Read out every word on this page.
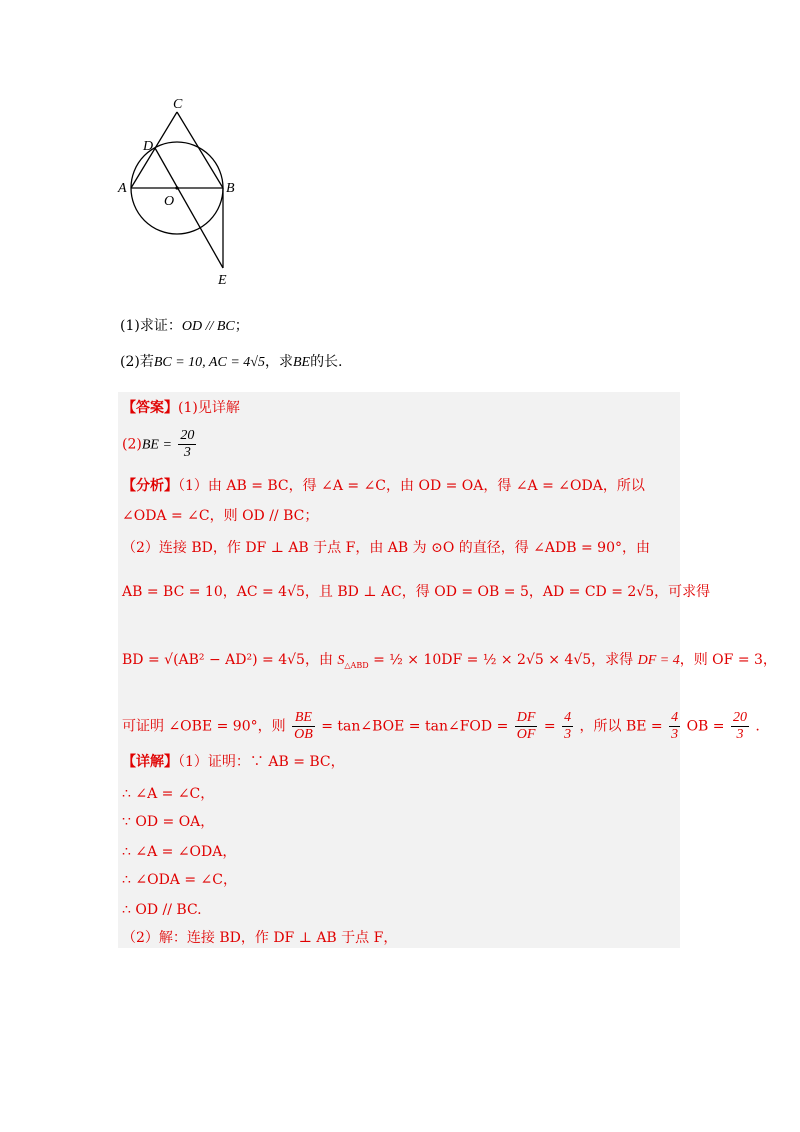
C
D
A	B
O
E
(1)求证：OD // BC；
(2)若BC = 10, AC = 4√5，求BE的长.
【答案】(1)见详解
$(2)BE = \frac{20}{3}$
【分析】（1）由 AB = BC，得 ∠A = ∠C，由 OD = OA，得 ∠A = ∠ODA，所以
∠ODA = ∠C，则 OD // BC；
（2）连接 BD，作 DF ⊥ AB 于点 F，由 AB 为 ⊙O 的直径，得 ∠ADB = 90°，由
AB = BC = 10，AC = 4√5，且 BD ⊥ AC，得 OD = OB = 5，AD = CD = 2√5，可求得
BD = √(AB² − AD²) = 4√5，由 $S_{\triangle ABD}$ = ½ × 10DF = ½ × 2√5 × 4√5，求得 DF = 4，则 OF = 3，
可证明 ∠OBE = 90°，则 $\frac{BE}{OB}$ = tan∠BOE = tan∠FOD = $\frac{DF}{OF} = \frac{4}{3}$ ，所以 BE = $\frac{4}{3}$ OB = $\frac{20}{3}$ .
【详解】（1）证明：∵ AB = BC，
∴ ∠A = ∠C，
∵ OD = OA，
∴ ∠A = ∠ODA，
∴ ∠ODA = ∠C，
∴ OD // BC.
（2）解：连接 BD，作 DF ⊥ AB 于点 F，
